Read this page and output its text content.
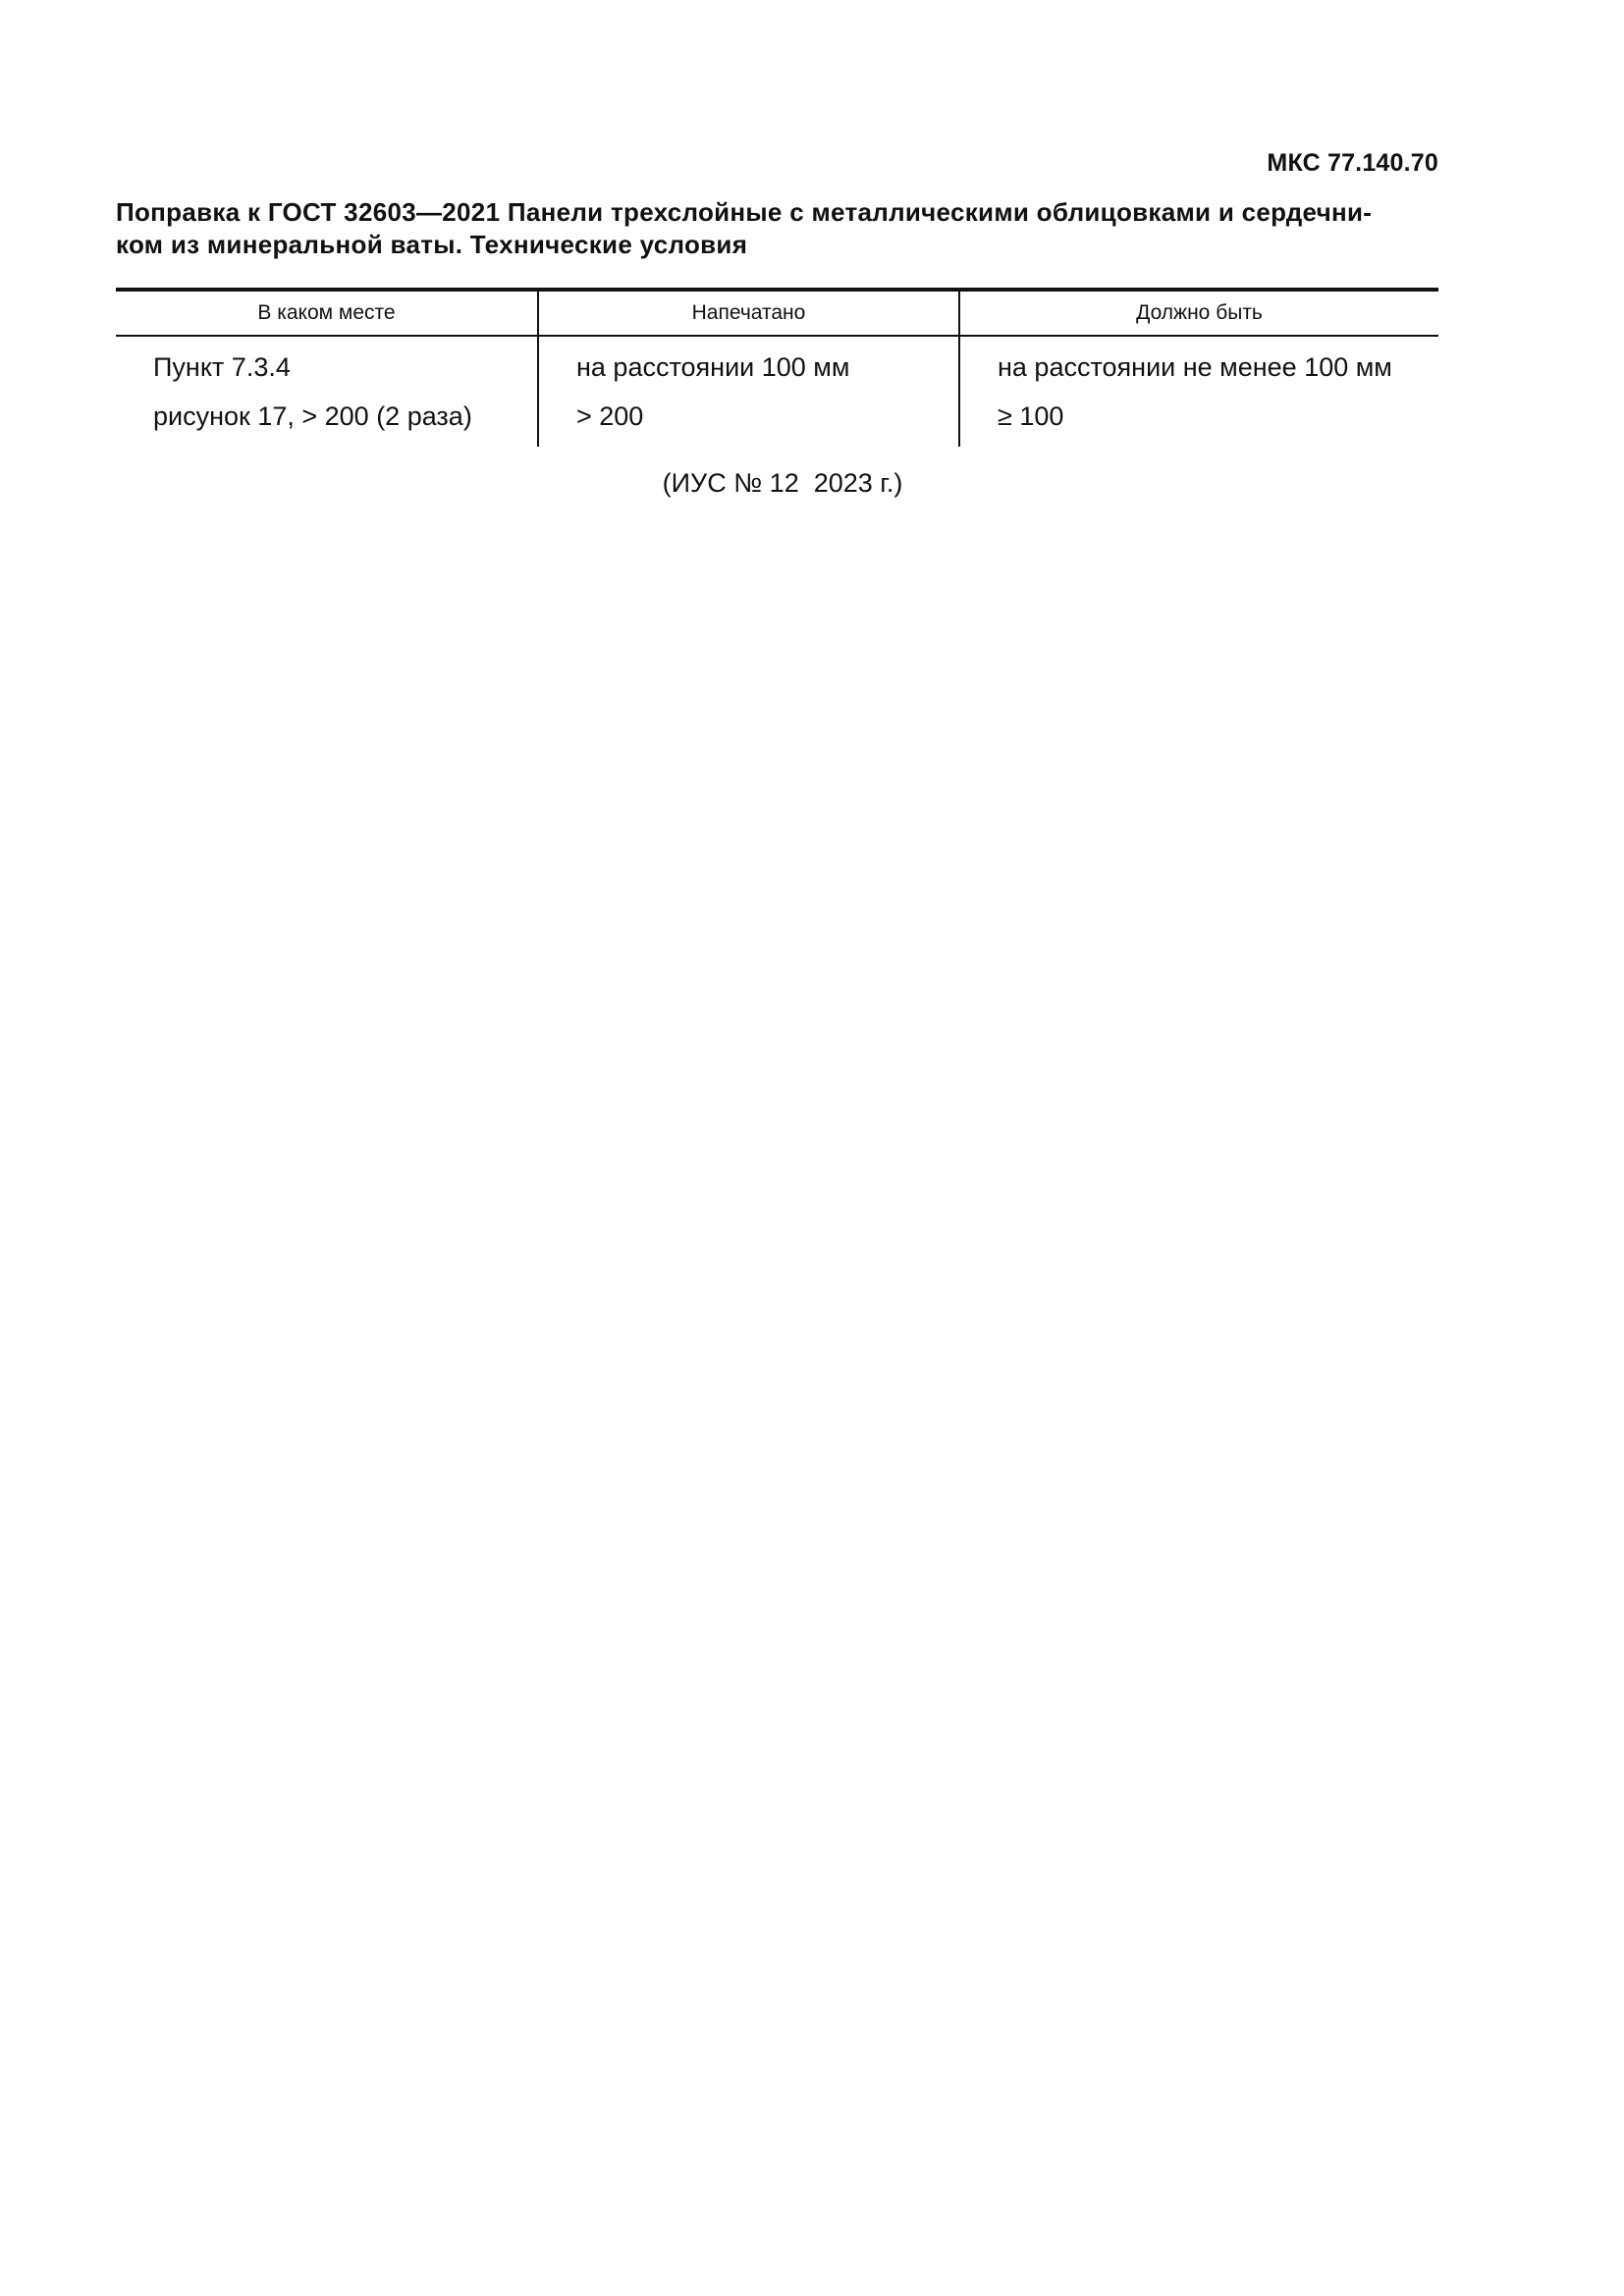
МКС 77.140.70
Поправка к ГОСТ 32603—2021 Панели трехслойные с металлическими облицовками и сердечни-
ком из минеральной ваты. Технические условия
В каком месте	Напечатано	Должно быть
Пункт 7.3.4	на расстоянии 100 мм	на расстоянии не менее 100 мм
рисунок 17, > 200 (2 раза)	> 200	≥ 100
(ИУС № 12  2023 г.)
